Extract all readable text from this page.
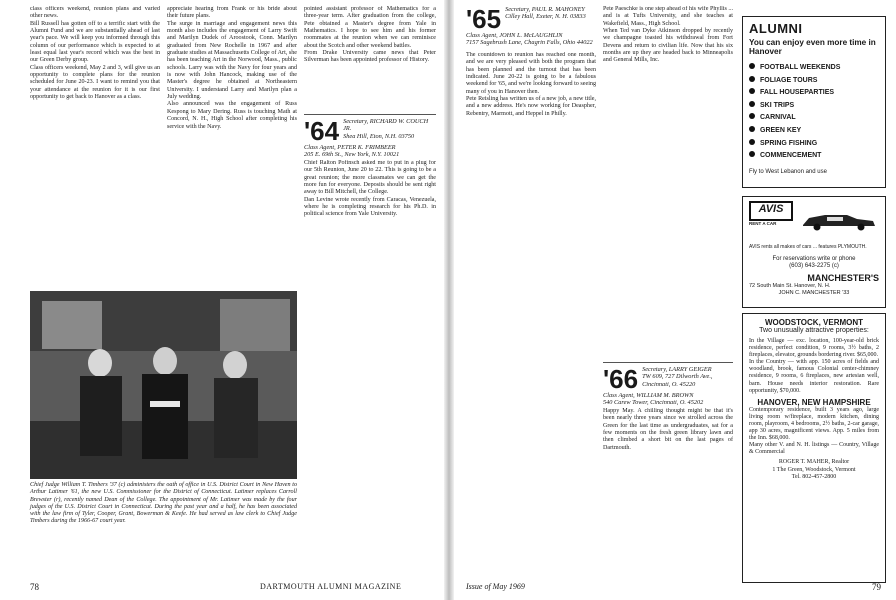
class officers weekend, reunion plans and varied other news.
Bill Russell has gotten off to a terrific start with the Alumni Fund and we are substantially ahead of last year's pace. We will keep you informed through this column of our performance which is expected to at least equal last year's record which was the best in our Green Derby group.
Class officers weekend, May 2 and 3, will give us an opportunity to complete plans for the reunion scheduled for June 20-23. I want to remind you that your attendance at the reunion for it is our first opportunity to get back to Hanover as a class.
Chief Judge William T. Timbers '37 (c) administers the oath of office in U.S. District Court in New Haven to Arthur Latimer '61, the new U.S. Commissioner for the District of Connecticut. Latimer replaces Carroll Brewster (r), recently named Dean of the College. The appointment of Mr. Latimer was made by the four judges of the U.S. District Court in Connecticut. During the past year and a half, he has been associated with the law firm of Tyler, Cooper, Grant, Bowerman & Keefe. He had served as law clerk to Chief Judge Timbers during the 1966-67 court year.
appreciate hearing from Frank or his bride about their future plans.
The surge in marriage and engagement news this month also includes the engagement of Larry Swift and Marilyn Dudek of Aroostook, Conn. Marilyn graduated from New Rochelle in 1967 and after graduate studies at Massachusetts College of Art, she has been teaching Art in the Norwood, Mass., public schools. Larry was with the Navy for four years and is now with John Hancock, making use of the Master's degree he obtained at Northeastern University. I understand Larry and Marilyn plan a July wedding.
Also announced was the engagement of Russ Kespong to Mary Dering. Russ is touching Math at Concord, N. H., High School after completing his service with the Navy.
pointed assistant professor of Mathematics for a three-year term. After graduation from the college, Pete obtained a Master's degree from Yale in Mathematics. I hope to see him and his former roommates at the reunion when we can reminisce about the Scotch and other weekend battles.
From Drake University came news that Peter Silverman has been appointed professor of History.
'64 Secretary, RICHARD W. COUCH JR.
Shea Hill, Eton, N.H. 03750
Class Agent, PETER K. FRIMBEER
205 E. 69th St., New York, N.Y. 10021
Chief Ralton Pofinsch asked me to put in a plug for our 5th Reunion, June 20 to 22. This is going to be a great reunion; the more classmates we can get the more fun for everyone. Deposits should be sent right away to Bill Mitchell, the College.
Dan Levine wrote recently from Caracas, Venezuela, where he is completing research for his Ph.D. in political science from Yale University.
78	DARTMOUTH ALUMNI MAGAZINE
'65 Secretary, PAUL R. MAHONEY
Cilley Hall, Exeter, N. H. 03833
Class Agent, JOHN L. McLAUGHLIN
7157 Sagebrush Lane, Chagrin Falls, Ohio 44022
The countdown to reunion has reached one month, and we are very pleased with both the program that has been planned and the turnout that has been indicated. June 20-22 is going to be a fabulous weekend for '65, and we're looking forward to seeing many of you in Hanover then.
Pete Reisling has written us of a new job, a new title, and a new address. He's now working for Deaspher, Rebentry, Marmott, and Heppel in Philly.
Pete Paeschke is one step ahead of his wife Phyllis ... and is at Tufts University, and she teaches at Wakefield, Mass., High School.
When Ted van Dyke Atkinson dropped by recently we champagne toasted his withdrawal from Fort Devens and return to civilian life. Now that his six months are up they are headed back to Minneapolis and General Mills, Inc.
'66 Secretary, LARRY GEIGER
TW 609, 727 Dilworth Ave., Cincinnati, O. 45220
Class Agent, WILLIAM M. BROWN
540 Carew Tower, Cincinnati, O. 45202
Happy May. A chilling thought might be that it's been nearly three years since we strolled across the Green for the last time as undergraduates, sat for a few moments on the fresh green library lawn and then climbed a short bit on the last pages of Dartmouth.
Issue of May 1969	79
ALUMNI
You can enjoy even more time in Hanover
FOOTBALL WEEKENDS
FOLIAGE TOURS
FALL HOUSEPARTIES
SKI TRIPS
CARNIVAL
GREEN KEY
SPRING FISHING
COMMENCEMENT
Fly to West Lebanon and use
AVIS
RENT A CAR
AVIS rents all makes of cars ... features PLYMOUTH.
For reservations write or phone
(603) 643-2275 (c)
MANCHESTER'S
72 South Main St. Hanover, N. H.
JOHN C. MANCHESTER '33
WOODSTOCK, VERMONT
Two unusually attractive properties:
In the Village — exc. location, 100-year-old brick residence, perfect condition, 9 rooms, 3½ baths, 2 fireplaces, elevator, grounds bordering river. $65,000.
In the Country — with app. 150 acres of fields and woodland, brook, famous Colonial center-chimney residence, 9 rooms, 6 fireplaces, new artesian well, barn. House needs interior restoration. Rare opportunity, $70,000.
HANOVER, NEW HAMPSHIRE
Contemporary residence, built 3 years ago, large living room w/fireplace, modern kitchen, dining room, playroom, 4 bedrooms, 2½ baths, 2-car garage, app 30 acres, magnificent views. App. 5 miles from the Inn. $68,000.
Many other V. and N. H. listings — Country, Village & Commercial
ROGER T. MAHER, Realtor
1 The Green, Woodstock, Vermont
Tel. 802-457-2800
